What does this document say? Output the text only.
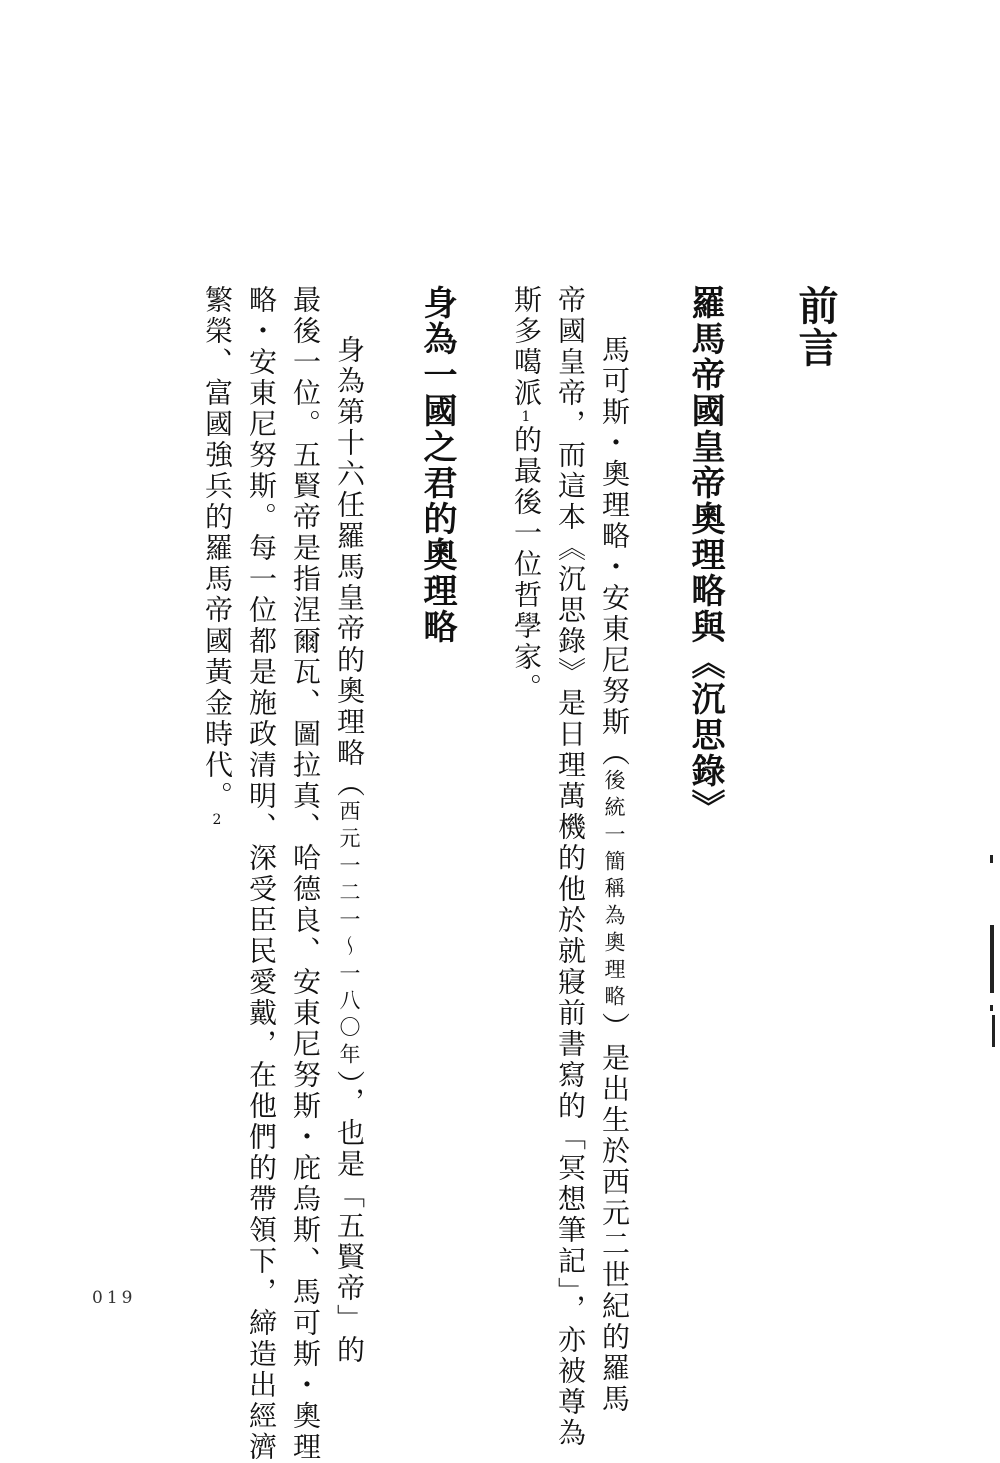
前言
羅馬帝國皇帝奧理略與《沉思錄》
馬可斯・奧理略・安東尼努斯（後統一簡稱為奧理略）是出生於西元二世紀的羅馬
帝國皇帝，而這本《沉思錄》是日理萬機的他於就寢前書寫的「冥想筆記」，亦被尊為
斯多噶派1的最後一位哲學家。
身為一國之君的奧理略
身為第十六任羅馬皇帝的奧理略（西元一二一～一八〇年），也是「五賢帝」的
最後一位。五賢帝是指涅爾瓦、圖拉真、哈德良、安東尼努斯・庇烏斯、馬可斯・奧理
略・安東尼努斯。每一位都是施政清明、深受臣民愛戴，在他們的帶領下，締造出經濟
繁榮、富國強兵的羅馬帝國黃金時代。2
019
